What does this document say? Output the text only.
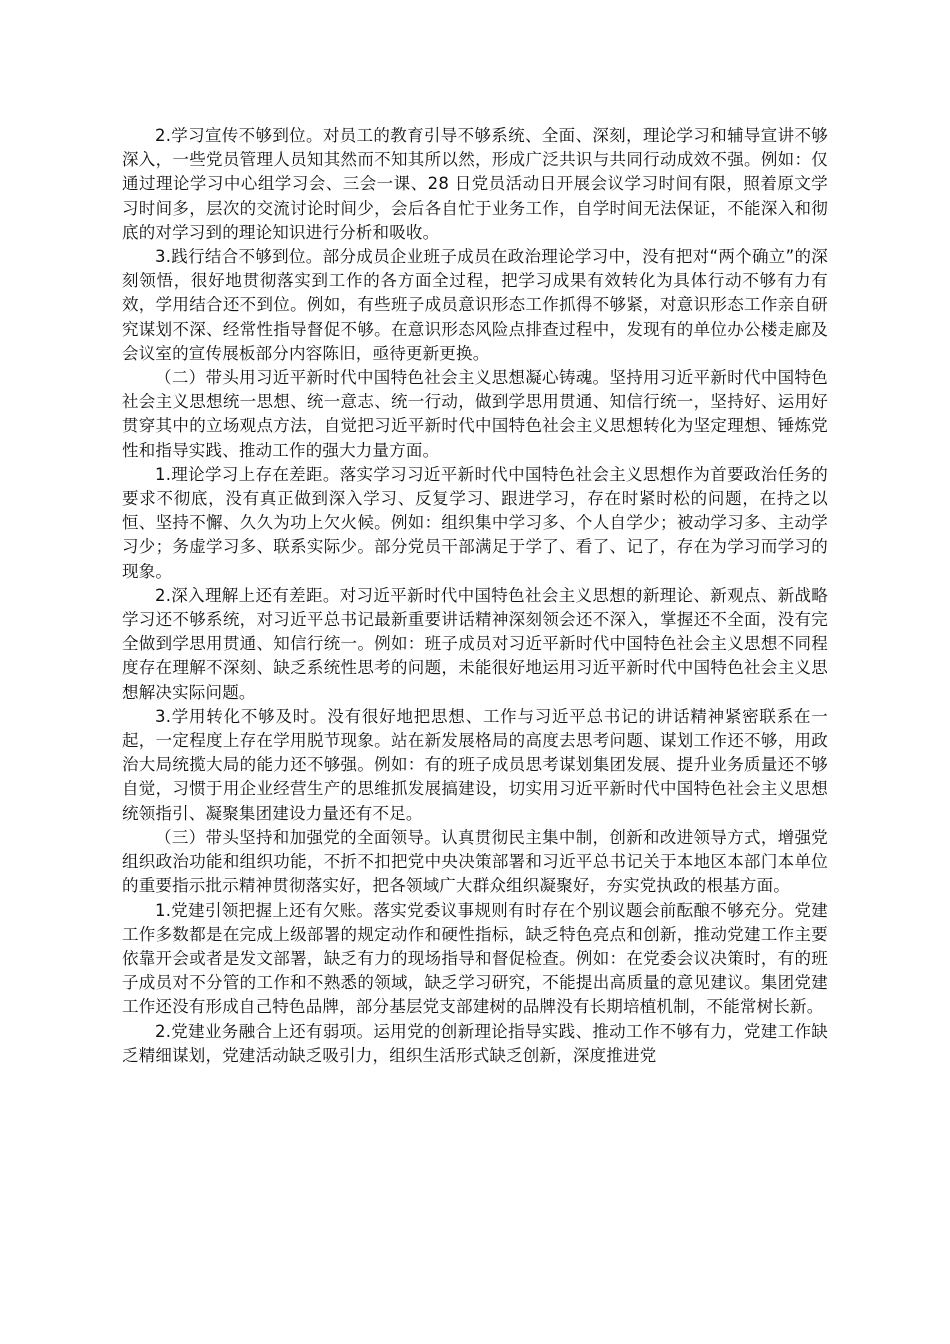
2.学习宣传不够到位。对员工的教育引导不够系统、全面、深刻，理论学习和辅导宣讲不够深入，一些党员管理人员知其然而不知其所以然，形成广泛共识与共同行动成效不强。例如：仅通过理论学习中心组学习会、三会一课、28 日党员活动日开展会议学习时间有限，照着原文学习时间多，层次的交流讨论时间少，会后各自忙于业务工作，自学时间无法保证，不能深入和彻底的对学习到的理论知识进行分析和吸收。

3.践行结合不够到位。部分成员企业班子成员在政治理论学习中，没有把对“两个确立”的深刻领悟，很好地贯彻落实到工作的各方面全过程，把学习成果有效转化为具体行动不够有力有效，学用结合还不到位。例如，有些班子成员意识形态工作抓得不够紧，对意识形态工作亲自研究谋划不深、经常性指导督促不够。在意识形态风险点排查过程中，发现有的单位办公楼走廊及会议室的宣传展板部分内容陈旧，亟待更新更换。

（二）带头用习近平新时代中国特色社会主义思想凝心铸魂。坚持用习近平新时代中国特色社会主义思想统一思想、统一意志、统一行动，做到学思用贯通、知信行统一，坚持好、运用好贯穿其中的立场观点方法，自觉把习近平新时代中国特色社会主义思想转化为坚定理想、锤炼党性和指导实践、推动工作的强大力量方面。

1.理论学习上存在差距。落实学习习近平新时代中国特色社会主义思想作为首要政治任务的要求不彻底，没有真正做到深入学习、反复学习、跟进学习，存在时紧时松的问题，在持之以恒、坚持不懈、久久为功上欠火候。例如：组织集中学习多、个人自学少；被动学习多、主动学习少；务虚学习多、联系实际少。部分党员干部满足于学了、看了、记了，存在为学习而学习的现象。

2.深入理解上还有差距。对习近平新时代中国特色社会主义思想的新理论、新观点、新战略学习还不够系统，对习近平总书记最新重要讲话精神深刻领会还不深入，掌握还不全面，没有完全做到学思用贯通、知信行统一。例如：班子成员对习近平新时代中国特色社会主义思想不同程度存在理解不深刻、缺乏系统性思考的问题，未能很好地运用习近平新时代中国特色社会主义思想解决实际问题。

3.学用转化不够及时。没有很好地把思想、工作与习近平总书记的讲话精神紧密联系在一起，一定程度上存在学用脱节现象。站在新发展格局的高度去思考问题、谋划工作还不够，用政治大局统揽大局的能力还不够强。例如：有的班子成员思考谋划集团发展、提升业务质量还不够自觉，习惯于用企业经营生产的思维抓发展搞建设，切实用习近平新时代中国特色社会主义思想统领指引、凝聚集团建设力量还有不足。

（三）带头坚持和加强党的全面领导。认真贯彻民主集中制，创新和改进领导方式，增强党组织政治功能和组织功能，不折不扣把党中央决策部署和习近平总书记关于本地区本部门本单位的重要指示批示精神贯彻落实好，把各领域广大群众组织凝聚好，夯实党执政的根基方面。

1.党建引领把握上还有欠账。落实党委议事规则有时存在个别议题会前酝酿不够充分。党建工作多数都是在完成上级部署的规定动作和硬性指标，缺乏特色亮点和创新，推动党建工作主要依靠开会或者是发文部署，缺乏有力的现场指导和督促检查。例如：在党委会议决策时，有的班子成员对不分管的工作和不熟悉的领域，缺乏学习研究，不能提出高质量的意见建议。集团党建工作还没有形成自己特色品牌，部分基层党支部建树的品牌没有长期培植机制，不能常树长新。

2.党建业务融合上还有弱项。运用党的创新理论指导实践、推动工作不够有力，党建工作缺乏精细谋划，党建活动缺乏吸引力，组织生活形式缺乏创新，深度推进党
